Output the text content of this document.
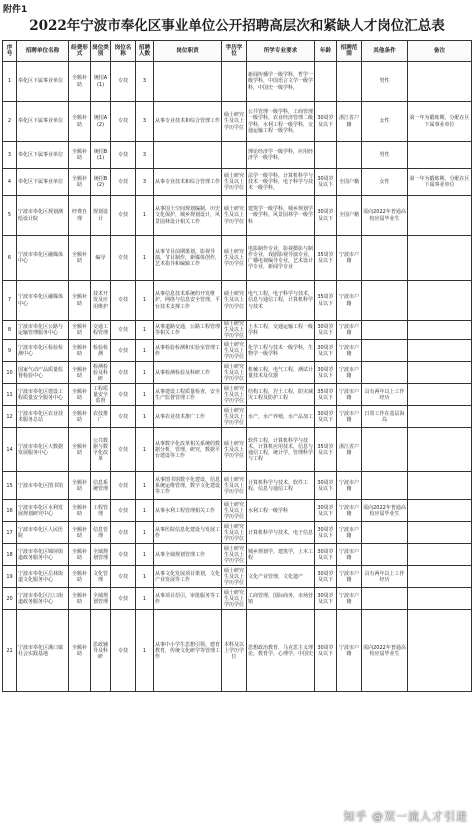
附件1
2022年宁波市奉化区事业单位公开招聘高层次和紧缺人才岗位汇总表
序号	招聘单位名称	经费形式	岗位类别	岗位名称	招聘人数	岗位职责	学历学位	所学专业要求	年龄	招聘范围	其他条件	备注
1	奉化区下属事业单位	全额补助	统招A(1)	专技	3			新闻传播学一级学科，哲学一级学科，中国语言文学一级学科，中国史一级学科，			男性	
2	奉化区下属事业单位	全额补助	统招A(2)	专技	3	从事专业技术和综合管理工作	硕士研究生及以上学历学位	公共管理一级学科，工商管理一级学科，农业经济管理二级学科，水利工程一级学科，交通运输工程一级学科，	30周岁及以下	浙江省户籍	女性	第一年为锻炼期，分配在区下属事业单位
3	奉化区下属事业单位	全额补助	统招B(1)	专技	3			理论经济学一级学科，应用经济学一级学科，			男性	
4	奉化区下属事业单位	全额补助	统招B(2)	专技	3	从事专业技术和综合管理工作	硕士研究生及以上学历学位	法学一级学科，计算机科学与技术一级学科，电子科学与技术一级学科，	30周岁及以下	全国户籍	女性	第一年为锻炼期，分配在区下属事业单位
5	宁波市奉化区规划测绘设计院	经费自理	规划设计	专技	1	从事国土空间规划编制，历史文化保护，城乡规划设计，风景园林设计相关工作	硕士研究生及以上学历学位	建筑学一级学科，城乡规划学一级学科，风景园林学一级学科	30周岁及以下	全国户籍	需向2022年普通高校应届毕业生	
6	宁波市奉化区融媒体中心	全额补助	编导	专技	1	从事节目前期策划，影视导演，节目制作，新媒体创作，艺术指导和编辑工作	硕士研究生及以上学历学位	电影制作专业，影视摄影与制作专业，戏剧影视导演专业，广播电视编导专业，艺术设计学专业，新闻学专业	35周岁及以下	宁波市户籍		
7	宁波市奉化区融媒体中心	全额补助	技术开发及应用维护	专技	1	从事信息技术系统的开发维护，网络与信息安全管理，平台技术支撑工作	硕士研究生及以上学历学位	电气工程，电子科学与技术，信息与通信工程，计算机科学与技术	35周岁及以下	宁波市户籍		
8	宁波市奉化区公路与运输管理服务中心	全额补助	交通工程管理	专技	1	从事道路交通，公路工程管理等相关工作	硕士研究生及以上学历学位	土木工程，交通运输工程一级学科	30周岁及以下	宁波市户籍		
9	宁波市奉化区检验检测中心	全额补助	检验检测	专技	1	从事检验检测和实验室管理工作	硕士研究生及以上学历学位	化学工程与技术一级学科，生物学一级学科	30周岁及以下	宁波市户籍		
10	国家气动产品质量监督检验中心	全额补助	检测检验及科研	专技	1	从事检测检验及科研工作	硕士研究生及以上学历学位	机械工程，电气工程，测试计量技术及仪器	30周岁及以下	宁波市户籍		
11	宁波市奉化区建设工程质量安全服务中心	全额补助	工程质量安全监督	专技	1	从事建设工程质量检查，安全生产监督管理工作	硕士研究生及以上学历学位	结构工程，岩土工程，防灾减灾工程及防护工程	35周岁及以下	宁波市户籍	具有两年以上工作经历	
12	宁波市奉化区农业技术服务总站	全额补助	农技推广	专技	1	从事农业技术推广工作	硕士研究生及以上学历学位	水产，水产养殖，水产品加工	30周岁及以下	宁波市户籍	日常工作在基层海岛	
14	宁波市奉化区大数据发展服务中心	全额补助	公共数据与数字化改革	专技	1	从事数字化改革相关系统的数据分析，管理，研究，数据平台建设等工作	硕士研究生及以上学历学位	软件工程，计算机科学与技术，计算机应用技术，信息与通信工程，统计学，管理科学与工程	35周岁及以下	浙江省户籍		
15	宁波市奉化区图书馆	全额补助	信息系统管理	专技	1	从事图书馆数字化建设，信息系统运维管理，数字文化建设等工作	硕士研究生及以上学历学位	计算机科学与技术，软件工程，信息与通信工程	30周岁及以下	宁波市户籍		
16	宁波市奉化区水利发展规划研究中心	全额补助	工程管理	专技	1	从事水利工程管理相关工作	硕士研究生及以上学历学位	水利工程一级学科	30周岁及以下	宁波市户籍	需向2022年普通高校应届毕业生	
17	宁波市奉化区人民医院	全额补助	信息管理	专技	1	从事医院信息化建设与发展工作	硕士研究生及以上学历学位	计算机科学与技术，电子信息	30周岁及以下	宁波市户籍		
18	宁波市奉化区锦屏街道政务服务中心	全额补助	全域规划管理	专技	1	从事全域规划管理工作	硕士研究生及以上学历学位	城乡规划学，建筑学，土木工程	30周岁及以下	宁波市户籍		
19	宁波市奉化区岳林街道文化服务中心	全额补助	文化管理	专技	1	从事文化发展项目策划，文化产业发展等工作	硕士研究生及以上学历学位	文化产业管理，文化遗产	30周岁及以下	宁波市户籍	具有两年以上工作经历	
20	宁波市奉化区江口街道政务服务中心	全额补助	全域规划管理	专技	1	从事项目招引，审批服务等工作	硕士研究生及以上学历学位	工商管理，国际商务，市场营销	30周岁及以下	宁波市户籍		
21	宁波市奉化区溪口镇社会实践基地	全额补助	思政辅导及科研	专技	1	从事中小学生思想引领，德育教育，传统文化研学等管理工作	本科及以上学历学位	思想政治教育，马克思主义理论，教育学，心理学，中国史	30周岁及以下	宁波市户籍	需向2022年普通高校应届毕业生	
知乎 @双一流人才引进
